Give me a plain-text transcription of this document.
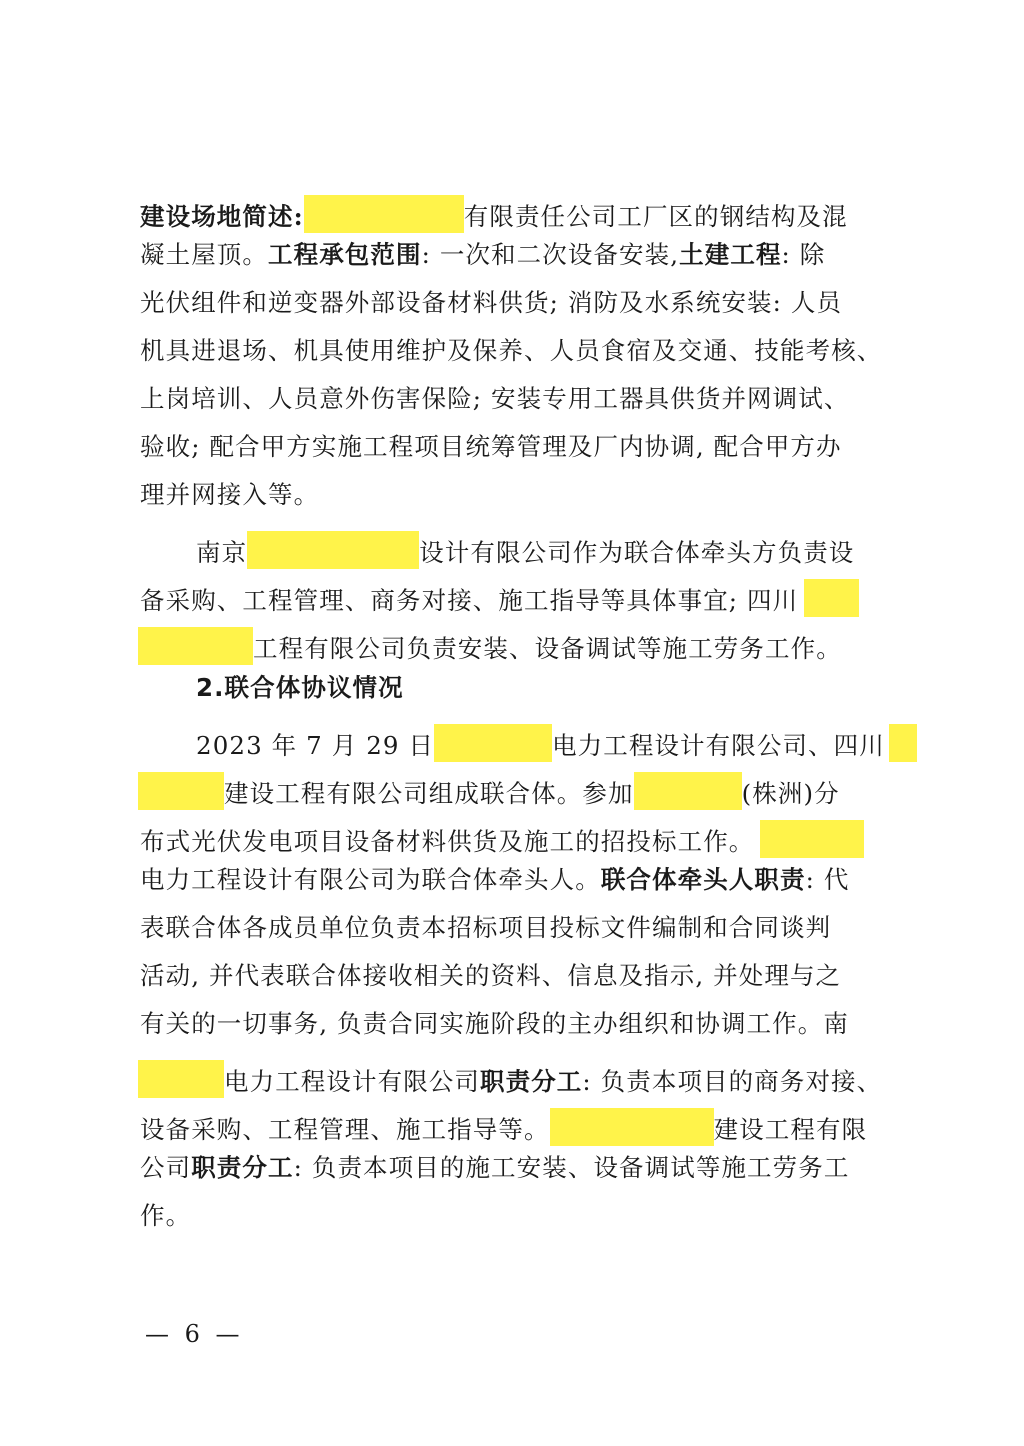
建设场地简述:	有限责任公司工厂区的钢结构及混
凝土屋顶。工程承包范围: 一次和二次设备安装,土建工程: 除
光伏组件和逆变器外部设备材料供货; 消防及水系统安装: 人员
机具进退场、机具使用维护及保养、人员食宿及交通、技能考核、
上岗培训、人员意外伤害保险; 安装专用工器具供货并网调试、
验收; 配合甲方实施工程项目统筹管理及厂内协调, 配合甲方办
理并网接入等。
南京	设计有限公司作为联合体牵头方负责设
备采购、工程管理、商务对接、施工指导等具体事宜; 四川
工程有限公司负责安装、设备调试等施工劳务工作。
2.联合体协议情况
2023 年 7 月 29 日	电力工程设计有限公司、四川
建设工程有限公司组成联合体。参加	(株洲)分
布式光伏发电项目设备材料供货及施工的招投标工作。
电力工程设计有限公司为联合体牵头人。联合体牵头人职责: 代
表联合体各成员单位负责本招标项目投标文件编制和合同谈判
活动, 并代表联合体接收相关的资料、信息及指示, 并处理与之
有关的一切事务, 负责合同实施阶段的主办组织和协调工作。南
电力工程设计有限公司职责分工: 负责本项目的商务对接、
设备采购、工程管理、施工指导等。	建设工程有限
公司职责分工: 负责本项目的施工安装、设备调试等施工劳务工
作。
— 6 —
